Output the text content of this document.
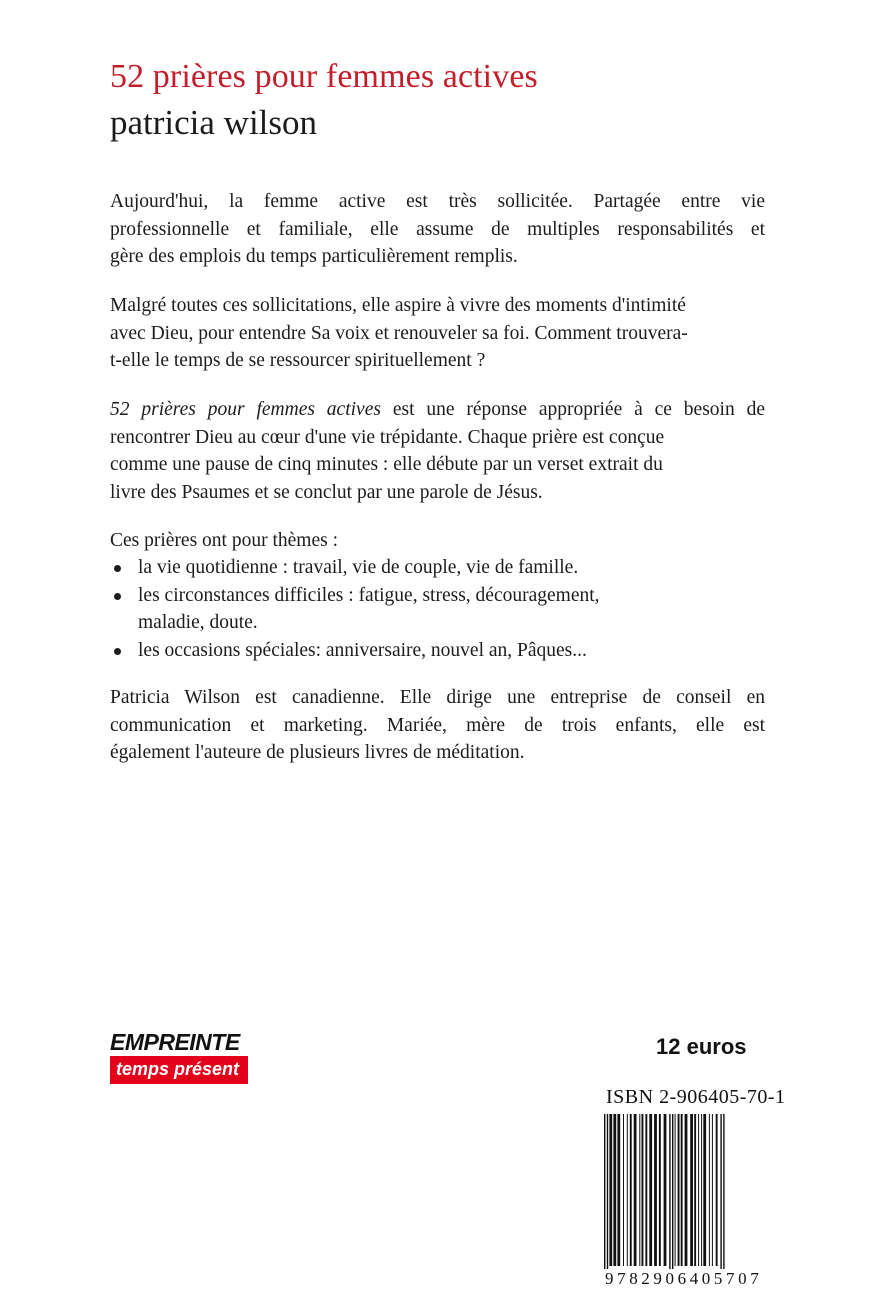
52 prières pour femmes actives
patricia wilson
Aujourd'hui, la femme active est très sollicitée. Partagée entre vie
professionnelle et familiale, elle assume de multiples responsabilités et
gère des emplois du temps particulièrement remplis.
Malgré toutes ces sollicitations, elle aspire à vivre des moments d'intimité
avec Dieu, pour entendre Sa voix et renouveler sa foi. Comment trouvera-
t-elle le temps de se ressourcer spirituellement ?
52 prières pour femmes actives est une réponse appropriée à ce besoin de
rencontrer Dieu au cœur d'une vie trépidante. Chaque prière est conçue
comme une pause de cinq minutes : elle débute par un verset extrait du
livre des Psaumes et se conclut par une parole de Jésus.
Ces prières ont pour thèmes :
la vie quotidienne : travail, vie de couple, vie de famille.
les circonstances difficiles : fatigue, stress, découragement,
maladie, doute.
les occasions spéciales: anniversaire, nouvel an, Pâques...
Patricia Wilson est canadienne. Elle dirige une entreprise de conseil en
communication et marketing. Mariée, mère de trois enfants, elle est
également l'auteure de plusieurs livres de méditation.
EMPREINTE
temps présent
12 euros
ISBN 2-906405-70-1
9782906405707
